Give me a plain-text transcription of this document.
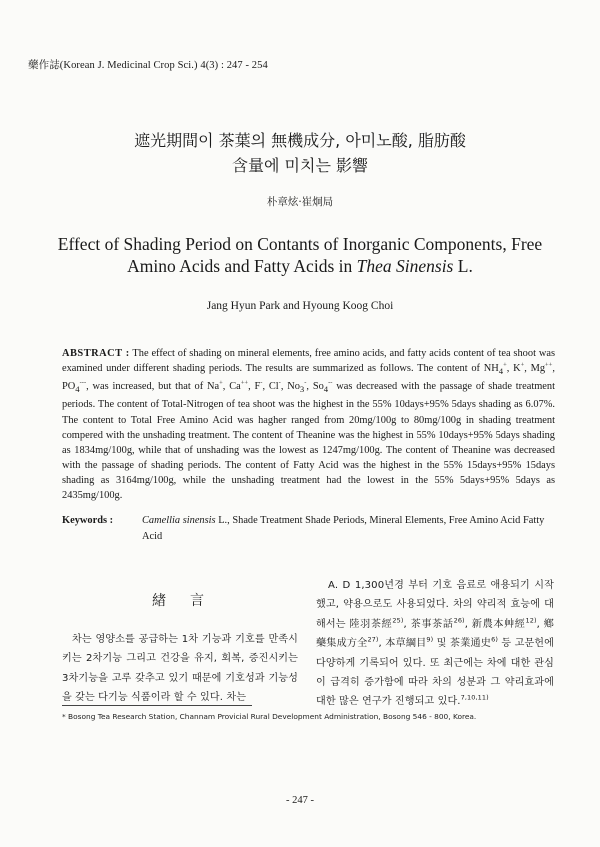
藥作誌(Korean J. Medicinal Crop Sci.) 4(3) : 247 - 254
遮光期間이 茶葉의 無機成分, 아미노酸, 脂肪酸
含量에 미치는 影響
朴章炫·崔炯局
Effect of Shading Period on Contants of Inorganic Components, Free
Amino Acids and Fatty Acids in Thea Sinensis L.
Jang Hyun Park and Hyoung Koog Choi
ABSTRACT : The effect of shading on mineral elements, free amino acids, and fatty acids content of tea shoot was examined under different shading periods. The results are summarized as follows. The content of $NH_4^+$, K+, Mg++, $PO_4^{---}$, was increased, but that of Na+, Ca++, F-, Cl-, $No_3^-$, $So_4^{--}$ was decreased with the passage of shade treatment periods. The content of Total-Nitrogen of tea shoot was the highest in the 55% 10days+95% 5days shading as 6.07%. The content to Total Free Amino Acid was hagher ranged from 20mg/100g to 80mg/100g in shading treatment compered with the unshading treatment. The content of Theanine was the highest in 55% 10days+95% 5days shading as 1834mg/100g, while that of unshading was the lowest as 1247mg/100g. The content of Theanine was decreased with the passage of shading periods. The content of Fatty Acid was the highest in the 55% 15days+95% 15days shading as 3164mg/100g, while the unshading treatment had the lowest in the 55% 5days+95% 5days as 2435mg/100g.
Keywords :	Camellia sinensis L., Shade Treatment Shade Periods, Mineral Elements, Free Amino Acid Fatty Acid
緖言
차는 영양소를 공급하는 1차 기능과 기호를 만족시키는 2차기능 그리고 건강을 유지, 회복, 증진시키는 3차기능을 고루 갖추고 있기 때문에 기호성과 기능성을 갖는 다기능 식품이라 할 수 있다. 차는
A. D 1,300년경 부터 기호 음료로 애용되기 시작했고, 약용으로도 사용되었다. 차의 약리적 효능에 대해서는 陸羽茶經$^{25)}$, 茶事茶話$^{26)}$, 新農本艸經$^{12)}$, 鄕藥集成方全$^{27)}$, 本草綱目$^{9)}$ 및 茶業通史$^{6)}$ 등 고문헌에 다양하게 기록되어 있다. 또 최근에는 차에 대한 관심이 급격히 증가함에 따라 차의 성분과 그 약리효과에 대한 많은 연구가 진행되고 있다.$^{7,10,11)}$
* Bosong Tea Research Station, Channam Provicial Rural Development Administration, Bosong 546 - 800, Korea.
- 247 -
